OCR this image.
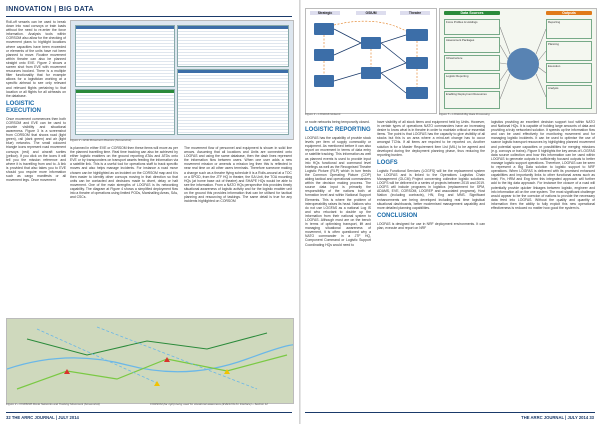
INNOVATION | BIG DATA

Roll-off vessels can be used to break down into road convoys or train loads without the need to re-enter the force information. Analysis tools within CORSOM also allow for the checking of movement plans to highlight locations where capacities have been exceeded or elements of the units have not been planned to move. Routine movement within theatre can also be planned straight onto EVE. Figure 2 shows a screen shot from EVE with movement resources booked. There is a multiple filter functionality that for example allows for a logistician working at a specific airhead to see only relevant and relevant flights pertaining to that location or all flights for all airheads on the database.

LOGISTIC EXECUTION

Once movement commences then both CORSOM and EVE can be used to provide visibility and situational awareness. Figure 3 is a screenshot from CORSOM that shows road (light green), rail (dark green) and air (light blue) networks. The small coloured triangle icons represent road movement convoys (red) and aircraft sorties (yellow). If you click on the icons it will tell you the mission reference and where it is travelling from and to. A link is provided that also takes you to EVE should you require more information such as cargo manifests or all movement legs. Once movement

Figure 2 – EVE Movement Missions (Screenshot)

is planned in either EVE or CORSOM then these items will move as per the planned travelling time. Real time tracking can also be achieved by either logistic enablers on the ground reporting ATAs and ATDs onto EVE or by transponders on transport assets feeding the information via a satellite link. This is a useful tool for operations staff to track specific moves and also helps manage incidents. For instance a road move chosen can be highlighted as an incident on the CORSOM map and it is then easier to identify other convoys moving in that direction so that units can be contacted and decisions made to divert, delay or halt movement. One of the main strengths of LOGFAS is its networking capability. The diagram at Figure 4 shows a simplified deployment flow into a theatre of operations using limited PODs, Marshalling Areas, SAs, and CSCs.

The movement flow of personnel and equipment is shown in solid line arrows. Assuming that all locations and Units are connected onto LOGFAS and using the same database, then the dash lines represent the information flow between users. When one user adds a new movement mission or amends a mission leg then this is reflected in near real time on all other users terminals. Therefore someone making a change such as a theatre flying schedule it is a Rolls-around at a TOC or a SPOD, from the JTF HQ in theatre, the SA Unit, the TOA mounting HQs (at home base out of theatre) and SHAPE HQs would be able to see the information. From a NATO HQs perspective this provides timely situational awareness of logistic activity and for the logistic enabler unit on the ground this provides information that can be utilised for tactical planning and resourcing of taskings. The same detail is true for any incidents highlighted on CORSOM

Figure 3 – CORSOM Route Networks and Tracking Movement (Screenshot)	CORSOM (far right) being used for situational awareness (EVE/LOG for Interface) – Section 12
32 THE ARRC JOURNAL | JULY 2014
Strategic	OSIUM	Theatre
Figure 4 – LOGFAS Network
Data Sources	Outputs
Force Profiles & Holdings
Assessment Packages
Infrastructure
Logistic Reporting
Enabling Deployment Resources
Reporting
Planning
Execution
Analysis
Figure 5 – LOGFAS Big Data Processing

or route networks being temporarily closed.

LOGISTIC REPORTING

LOGFAS has the capability of provide stock levels per item of supply commodity or equipment. As mentioned before it can also report on movement in terms of data entry or satellite tracking. This information as well as planned events is used to provide input into HQs functional and command level briefings as well as the Recognised Theatre Logistic Picture (RLP) which in turn feeds the Common Operating Picture (COP) aiding tactical and operational commanders within the decision making process. The source data input is primarily the responsibility of the nations both at formation level and within National Support Elements. This is where the problem of interoperability raises its head. Nations who do not use LOGFAS as a national Log IS and who reluctant to double up the information from their national system to LOGFAS. Although most are on the bench in terms of optimising transport, lift and managing situational awareness of movement, it is often questioned why a NATO commander in a JTF HQ, Component Command or Logistic Support Coordinating HQs would need to

have visibility of all stock items and equipment held by Units. However, in certain types of operations NATO commanders have an increasing desire to know what is in theatre in order to maintain critical or essential items. The point is that LOGFAS has the capacity to give visibility of all stocks but this is an area where a mind-set change has to occur amongst TCNs. If all items are required to be reported on, Another solution is for a Master Requirement Item List (MIL) to be agreed and developed during the deployment planning phase, thus reducing the reporting burden.

LOGFS

Logistic Functional Services (LOGFS) will be the replacement system for LOGFAS and is linked to the Operations Logistics Chain Management (OLCM) Project concerning collective logistic solutions. LOGFS will be delivered in a series of projects between 2015 and 2019. LOGFS will include programs in logistics (replacement for SPM, ADAMS, EVE, CORSOM, LOGREP and associated programs), Host Nation (including contracts), HN, Eng and MNS. Significant enhancements are being developed including real time logistical situational dashboards, better modernised management capability and more detailed planning capabilities.

CONCLUSION

LOGFAS is designed for use in NRF deployment environments. It can plan, execute and report on NRF

logistics providing an excellent decision support tool within NATO and National HQs. It is capable of holding large amounts of data and providing a truly networked solution. It speeds up the information flow and can be used effectively for monitoring movement and for managing logistic incidents. It can be used to optimise the use of scarce logistic transport resources by highlighting planned movement and potential spare capacities or possibilities for merging missions (e.g. convoys or trains). Figure 5 highlights the key areas of LOGFAS data source collection and how this information can be used within LOGFAS to generate outputs in sufficiently focused outputs to better manage logistic support operations. Therefore, LOGFAS can be seen to represent a Big Data solution to logistic support to NRF operations. When LOGFAS is delivered with its promised enhanced capabilities and importantly links to other functional areas such as Intel, Fin, HRM and Eng then this integrated approach will further add to the big data approach. For instance the closure of a road will potentially provide quicker linkages between logistic, engineer and info information all on the one system. The most significant challenge would appear to be the coercion of nations to provide the necessary data feed into LOGFAS. Without the quality and quantity of information then the ability to fully exploit this new operational effectiveness is reduced no matter how good the system is.

THE ARRC JOURNAL | JULY 2014 33
